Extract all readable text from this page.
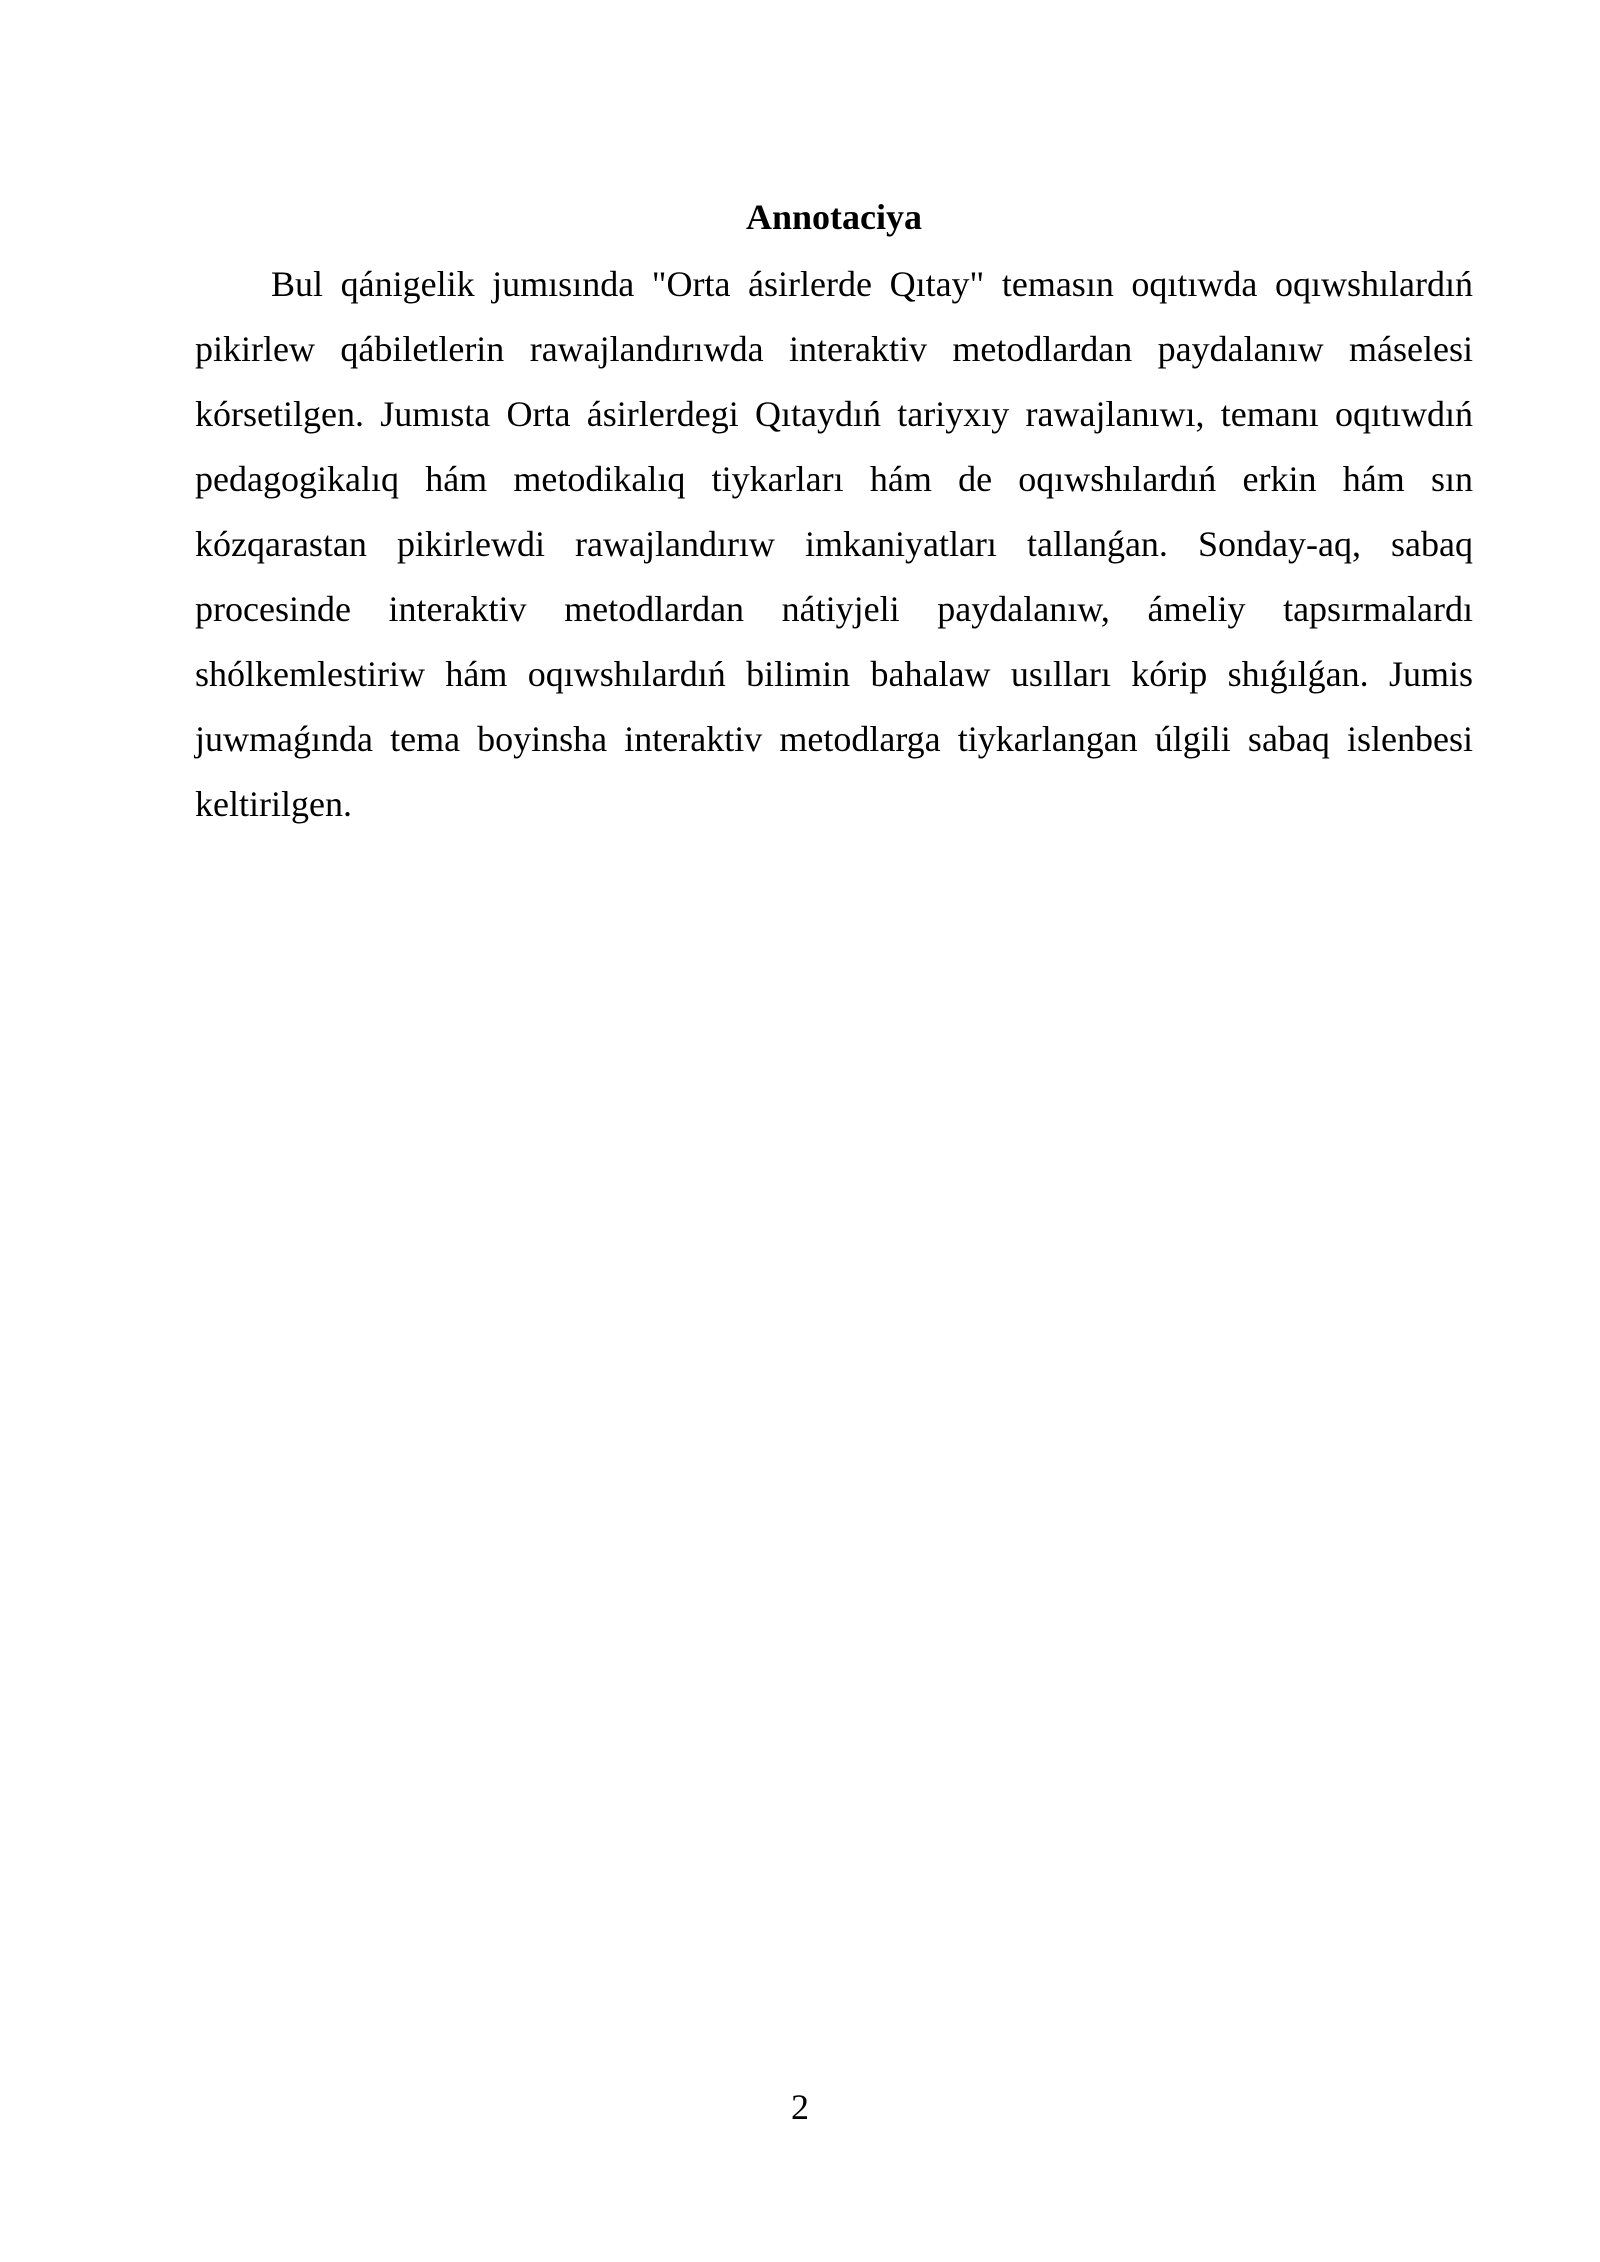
Annotaciya

Bul qánigelik jumısında "Orta ásirlerde Qıtay" temasın oqıtıwda oqıwshılardıń pikirlew qábiletlerin rawajlandırıwda interaktiv metodlardan paydalanıw máselesi kórsetilgen. Jumısta Orta ásirlerdegi Qıtaydıń tariyxıy rawajlanıwı, temanı oqıtıwdıń pedagogikalıq hám metodikalıq tiykarları hám de oqıwshılardıń erkin hám sın kózqarastan pikirlewdi rawajlandırıw imkaniyatları tallanǵan. Sonday-aq, sabaq procesinde interaktiv metodlardan nátiyjeli paydalanıw, ámeliy tapsırmalardı shólkemlestiriw hám oqıwshılardıń bilimin bahalaw usılları kórip shıǵılǵan. Jumis juwmaǵında tema boyinsha interaktiv metodlarga tiykarlangan úlgili sabaq islenbesi keltirilgen.

2
